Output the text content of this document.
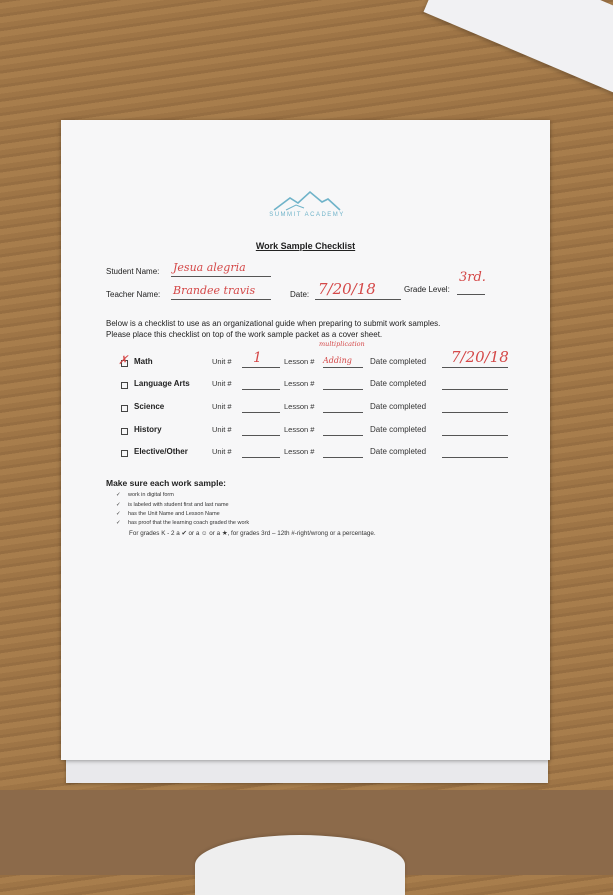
SUMMIT ACADEMY
Work Sample Checklist
Student Name: Jesua alegria
Teacher Name: Brandee travis	Date: 7/20/18	Grade Level:
3rd.
Below is a checklist to use as an organizational guide when preparing to submit work samples.
Please place this checklist on top of the work sample packet as a cover sheet.
multiplication
✗ Math	Unit # 1	Lesson # Adding Date completed 7/20/18
Language Arts	Unit #	Lesson #	Date completed
Science	Unit #	Lesson #	Date completed
History	Unit #	Lesson #	Date completed
Elective/Other	Unit #	Lesson #	Date completed
Make sure each work sample:
✓ work in digital form
✓ is labeled with student first and last name
✓ has the Unit Name and Lesson Name
✓ has proof that the learning coach graded the work
For grades K - 2 a ✔ or a ☺ or a ★, for grades 3rd – 12th #-right/wrong or a percentage.
